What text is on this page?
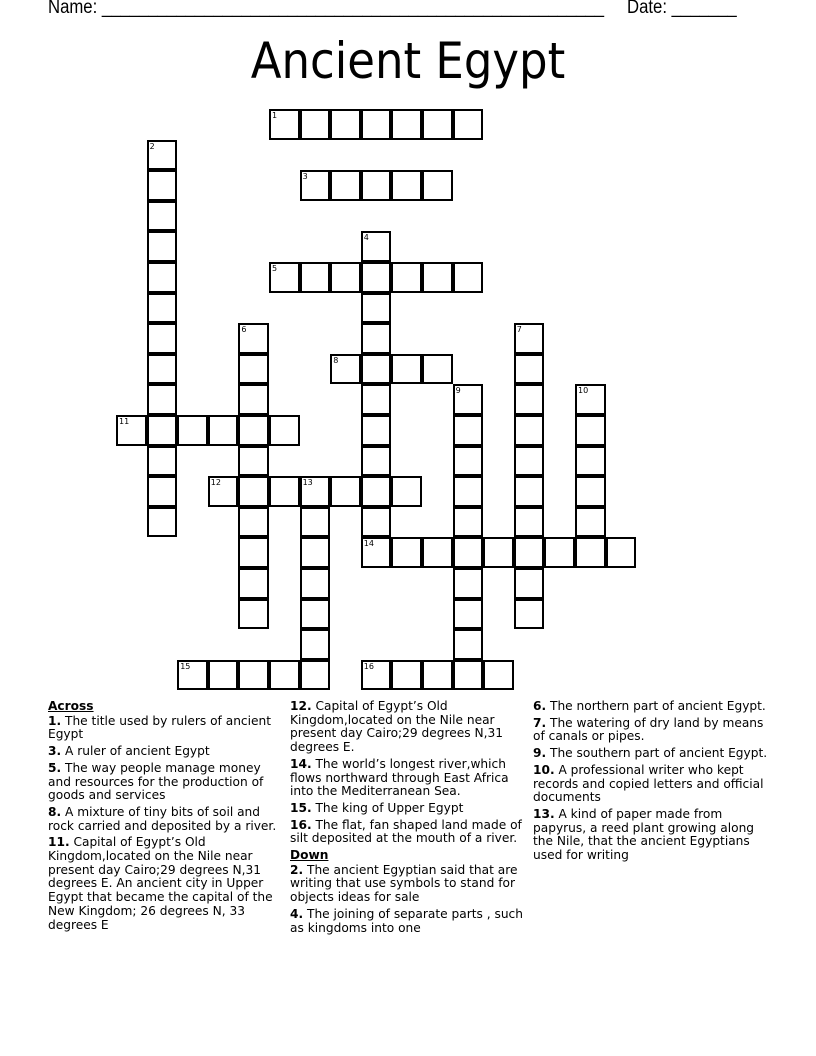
Name: ______________________________________________________ Date: _______
Ancient Egypt
1
2
3
4
14
5
6	7
8
9	10
11
12	13
15	16
Across
1. The title used by rulers of ancient Egypt
3. A ruler of ancient Egypt
5. The way people manage money and resources for the production of goods and services
8. A mixture of tiny bits of soil and rock carried and deposited by a river.
11. Capital of Egypt’s Old Kingdom,located on the Nile near present day Cairo;29 degrees N,31 degrees E. An ancient city in Upper Egypt that became the capital of the New Kingdom; 26 degrees N, 33 degrees E
12. Capital of Egypt’s Old Kingdom,located on the Nile near present day Cairo;29 degrees N,31 degrees E.
14. The world’s longest river,which flows northward through East Africa into the Mediterranean Sea.
15. The king of Upper Egypt
16. The flat, fan shaped land made of silt deposited at the mouth of a river.
Down
2. The ancient Egyptian said that are writing that use symbols to stand for objects ideas for sale
4. The joining of separate parts , such as kingdoms into one
6. The northern part of ancient Egypt.
7. The watering of dry land by means of canals or pipes.
9. The southern part of ancient Egypt.
10. A professional writer who kept records and copied letters and official documents
13. A kind of paper made from papyrus, a reed plant growing along the Nile, that the ancient Egyptians used for writing
